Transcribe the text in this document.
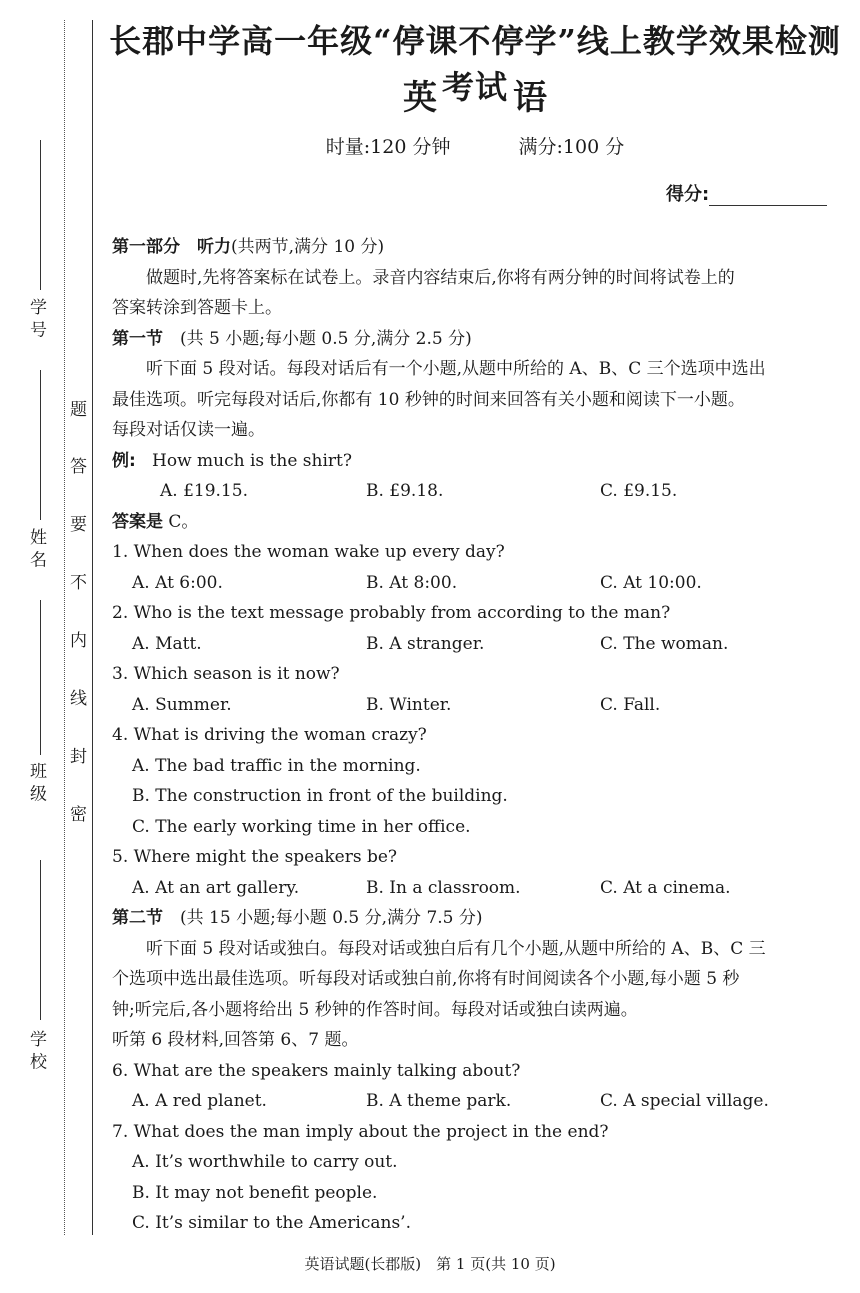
学 号
姓 名
班 级
学 校
题
答
要
不
内
线
封
密
长郡中学高一年级“停课不停学”线上教学效果检测考试
英 语
时量:120 分钟	满分:100 分
得分:
第一部分　听力(共两节,满分 10 分)
做题时,先将答案标在试卷上。录音内容结束后,你将有两分钟的时间将试卷上的
答案转涂到答题卡上。
第一节　(共 5 小题;每小题 0.5 分,满分 2.5 分)
听下面 5 段对话。每段对话后有一个小题,从题中所给的 A、B、C 三个选项中选出
最佳选项。听完每段对话后,你都有 10 秒钟的时间来回答有关小题和阅读下一小题。
每段对话仅读一遍。
例: How much is the shirt?
A. £19.15.	B. £9.18.	C. £9.15.
答案是 C。
1. When does the woman wake up every day?
A. At 6:00.	B. At 8:00.	C. At 10:00.
2. Who is the text message probably from according to the man?
A. Matt.	B. A stranger.	C. The woman.
3. Which season is it now?
A. Summer.	B. Winter.	C. Fall.
4. What is driving the woman crazy?
A. The bad traffic in the morning.
B. The construction in front of the building.
C. The early working time in her office.
5. Where might the speakers be?
A. At an art gallery.	B. In a classroom.	C. At a cinema.
第二节　(共 15 小题;每小题 0.5 分,满分 7.5 分)
听下面 5 段对话或独白。每段对话或独白后有几个小题,从题中所给的 A、B、C 三
个选项中选出最佳选项。听每段对话或独白前,你将有时间阅读各个小题,每小题 5 秒
钟;听完后,各小题将给出 5 秒钟的作答时间。每段对话或独白读两遍。
听第 6 段材料,回答第 6、7 题。
6. What are the speakers mainly talking about?
A. A red planet.	B. A theme park.	C. A special village.
7. What does the man imply about the project in the end?
A. It’s worthwhile to carry out.
B. It may not benefit people.
C. It’s similar to the Americans’.
英语试题(长郡版)　第 1 页(共 10 页)
